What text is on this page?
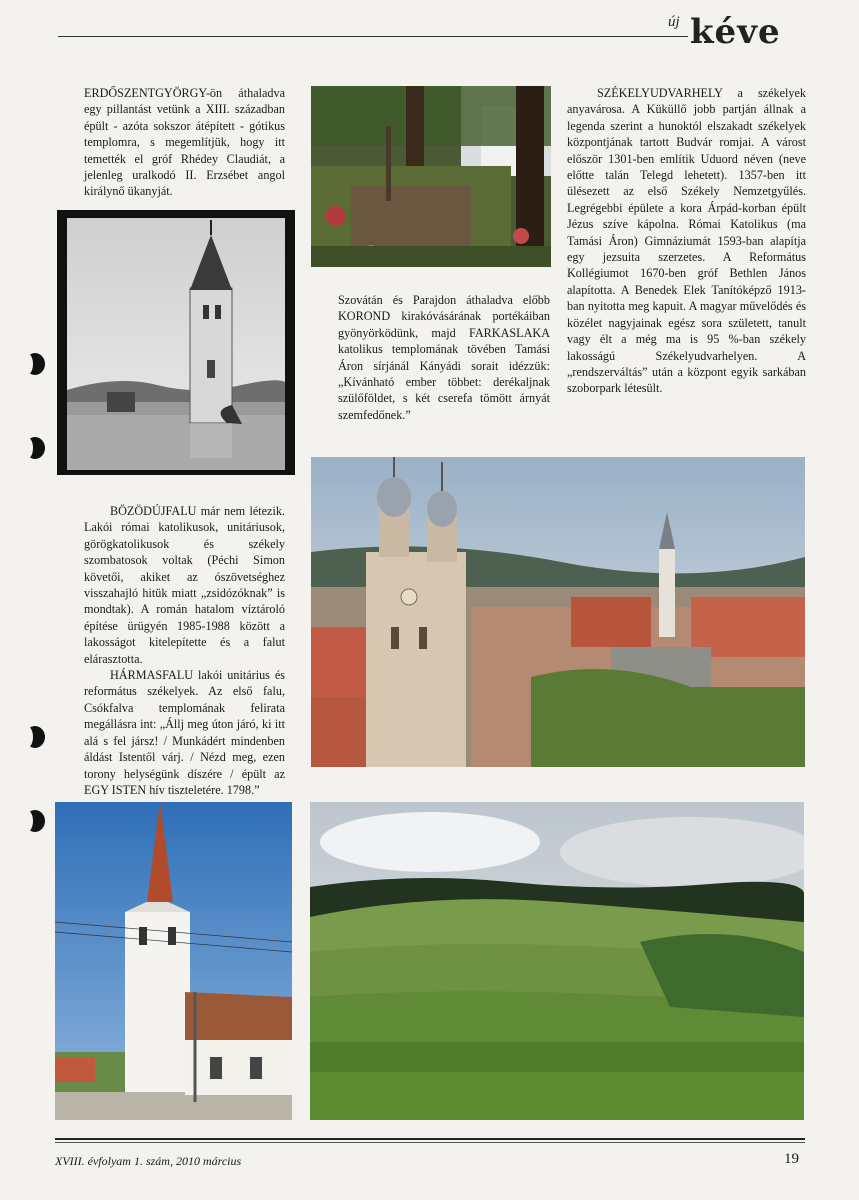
új kéve

ERDŐSZENTGYÖRGY-ön áthaladva egy pillantást vetünk a XIII. században épült - azóta sokszor átépített - gótikus templomra, s megemlítjük, hogy itt temették el gróf Rhédey Claudiát, a jelenleg uralkodó II. Erzsébet angol királynő ükanyját.

Szovátán és Parajdon áthaladva előbb KOROND kirakóvásárának portékáiban gyönyörködünk, majd FARKASLAKA katolikus templomának tövében Tamási Áron sírjánál Kányádi sorait idézzük: „Kívánható ember többet: derékaljnak szülőföldet, s két cserefa tömött árnyát szemfedőnek.”

SZÉKELYUDVARHELY a székelyek anyavárosa. A Küküllő jobb partján állnak a legenda szerint a hunoktól elszakadt székelyek központjának tartott Budvár romjai. A várost először 1301-ben említik Uduord néven (neve előtte talán Telegd lehetett). 1357-ben itt ülésezett az első Székely Nemzetgyűlés. Legrégebbi épülete a kora Árpád-korban épült Jézus szíve kápolna. Római Katolikus (ma Tamási Áron) Gimnáziumát 1593-ban alapítja egy jezsuita szerzetes. A Református Kollégiumot 1670-ben gróf Bethlen János alapította. A Benedek Elek Tanítóképző 1913-ban nyitotta meg kapuit. A magyar művelődés és közélet nagyjainak egész sora született, tanult vagy élt a még ma is 95 %-ban székely lakosságú Székelyudvarhelyen. A „rendszerváltás” után a központ egyik sarkában szoborpark létesült.

BÖZÖDÚJFALU már nem létezik. Lakói római katolikusok, unitáriusok, görögkatolikusok és székely szombatosok voltak (Péchi Simon követői, akiket az ószövetséghez visszahajló hitük miatt „zsidózóknak” is mondtak). A román hatalom víztároló építése ürügyén 1985-1988 között a lakosságot kitelepítette és a falut elárasztotta.

HÁRMASFALU lakói unitárius és református székelyek. Az első falu, Csókfalva templomának felirata megállásra int: „Állj meg úton járó, ki itt alá s fel jársz! / Munkádért mindenben áldást Istentől várj. / Nézd meg, ezen torony helységünk díszére / épült az EGY ISTEN hív tiszteletére. 1798.”

XVIII. évfolyam 1. szám, 2010 március	19
